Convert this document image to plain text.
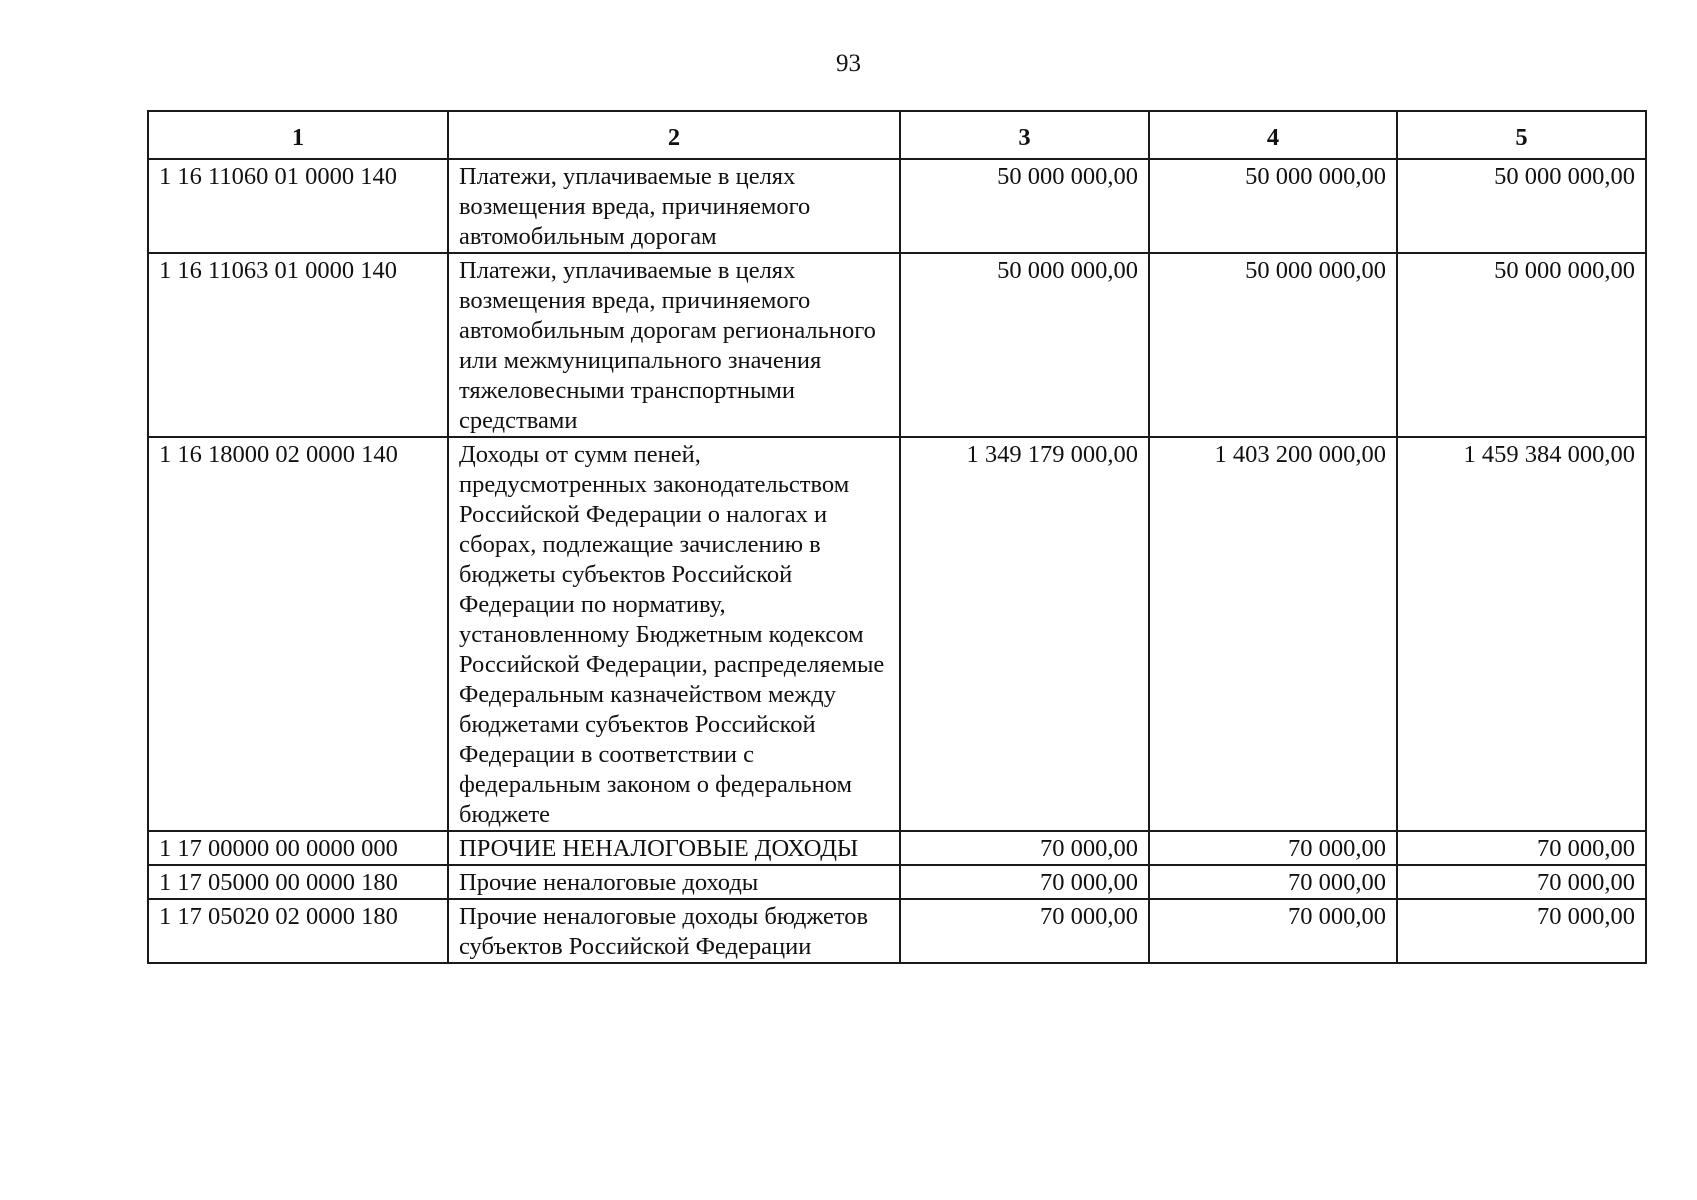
93
1	2	3	4	5
1 16 11060 01 0000 140	Платежи, уплачиваемые в целях возмещения вреда, причиняемого автомобильным дорогам	50 000 000,00	50 000 000,00	50 000 000,00
1 16 11063 01 0000 140	Платежи, уплачиваемые в целях возмещения вреда, причиняемого автомобильным дорогам регионального или межмуниципального значения тяжеловесными транспортными средствами	50 000 000,00	50 000 000,00	50 000 000,00
1 16 18000 02 0000 140	Доходы от сумм пеней, предусмотренных законодательством Российской Федерации о налогах и сборах, подлежащие зачислению в бюджеты субъектов Российской Федерации по нормативу, установленному Бюджетным кодексом Российской Федерации, распределяемые Федеральным казначейством между бюджетами субъектов Российской Федерации в соответствии с федеральным законом о федеральном бюджете	1 349 179 000,00	1 403 200 000,00	1 459 384 000,00
1 17 00000 00 0000 000	ПРОЧИЕ НЕНАЛОГОВЫЕ ДОХОДЫ	70 000,00	70 000,00	70 000,00
1 17 05000 00 0000 180	Прочие неналоговые доходы	70 000,00	70 000,00	70 000,00
1 17 05020 02 0000 180	Прочие неналоговые доходы бюджетов субъектов Российской Федерации	70 000,00	70 000,00	70 000,00
